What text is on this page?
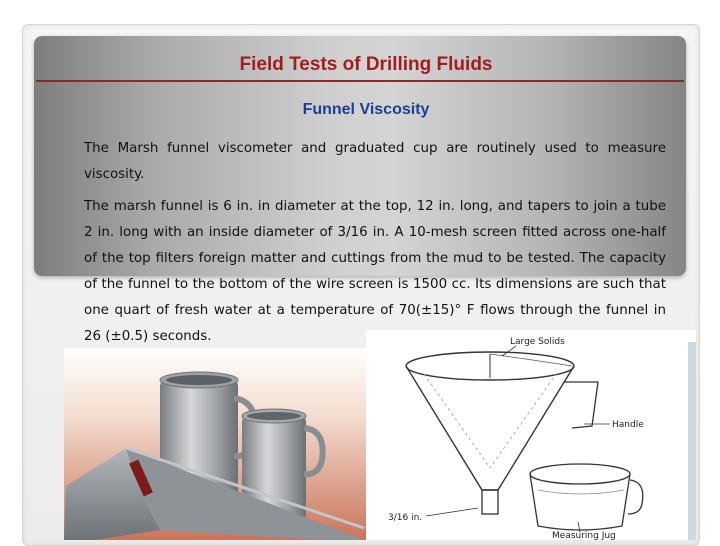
Field Tests of Drilling Fluids
Funnel Viscosity

The Marsh funnel viscometer and graduated cup are routinely used to measure viscosity.

The marsh funnel is 6 in. in diameter at the top, 12 in. long, and tapers to join a tube 2 in. long with an inside diameter of 3/16 in. A 10-mesh screen fitted across one-half of the top filters foreign matter and cuttings from the mud to be tested. The capacity of the funnel to the bottom of the wire screen is 1500 cc. Its dimensions are such that one quart of fresh water at a temperature of 70(±15)° F flows through the funnel in 26 (±0.5) seconds.	Large Solids
Handle
Measuring Jug
3/16 in.
